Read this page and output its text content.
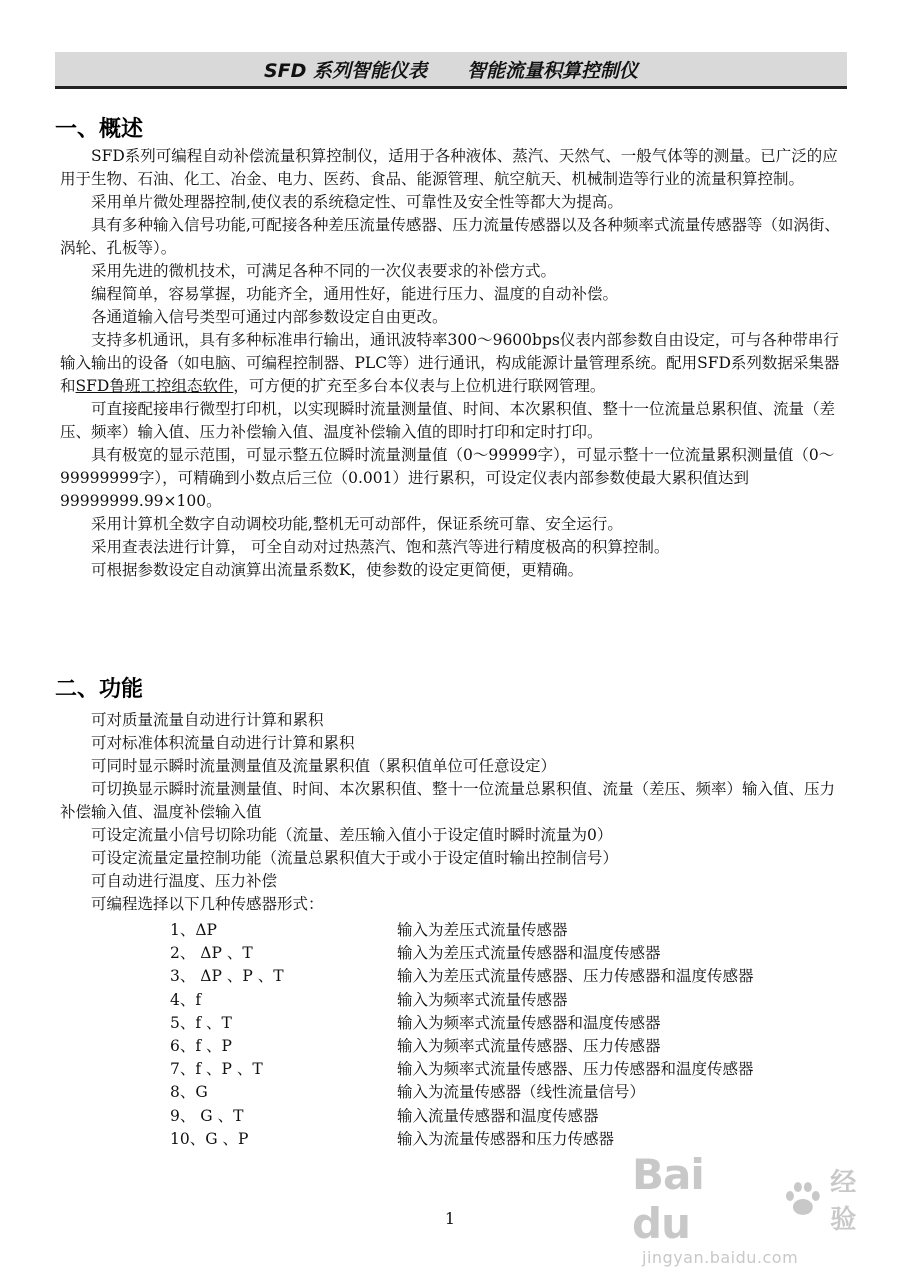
SFD 系列智能仪表 智能流量积算控制仪
一、概述

SFD系列可编程自动补偿流量积算控制仪，适用于各种液体、蒸汽、天然气、一般气体等的测量。已广泛的应用于生物、石油、化工、冶金、电力、医药、食品、能源管理、航空航天、机械制造等行业的流量积算控制。

采用单片微处理器控制,使仪表的系统稳定性、可靠性及安全性等都大为提高。

具有多种输入信号功能,可配接各种差压流量传感器、压力流量传感器以及各种频率式流量传感器等（如涡街、涡轮、孔板等）。

采用先进的微机技术，可满足各种不同的一次仪表要求的补偿方式。

编程简单，容易掌握，功能齐全，通用性好，能进行压力、温度的自动补偿。

各通道输入信号类型可通过内部参数设定自由更改。

支持多机通讯，具有多种标准串行输出，通讯波特率300～9600bps仪表内部参数自由设定，可与各种带串行输入输出的设备（如电脑、可编程控制器、PLC等）进行通讯，构成能源计量管理系统。配用SFD系列数据采集器和SFD鲁班工控组态软件，可方便的扩充至多台本仪表与上位机进行联网管理。

可直接配接串行微型打印机，以实现瞬时流量测量值、时间、本次累积值、整十一位流量总累积值、流量（差压、频率）输入值、压力补偿输入值、温度补偿输入值的即时打印和定时打印。

具有极宽的显示范围，可显示整五位瞬时流量测量值（0～99999字），可显示整十一位流量累积测量值（0～99999999字），可精确到小数点后三位（0.001）进行累积，可设定仪表内部参数使最大累积值达到99999999.99×100。

采用计算机全数字自动调校功能,整机无可动部件，保证系统可靠、安全运行。

采用查表法进行计算， 可全自动对过热蒸汽、饱和蒸汽等进行精度极高的积算控制。

可根据参数设定自动演算出流量系数K，使参数的设定更简便，更精确。

二、功能

可对质量流量自动进行计算和累积

可对标准体积流量自动进行计算和累积

可同时显示瞬时流量测量值及流量累积值（累积值单位可任意设定）

可切换显示瞬时流量测量值、时间、本次累积值、整十一位流量总累积值、流量（差压、频率）输入值、压力补偿输入值、温度补偿输入值

可设定流量小信号切除功能（流量、差压输入值小于设定值时瞬时流量为0）

可设定流量定量控制功能（流量总累积值大于或小于设定值时输出控制信号）

可自动进行温度、压力补偿

可编程选择以下几种传感器形式：

1、ΔP	输入为差压式流量传感器
2、 ΔP 、T	输入为差压式流量传感器和温度传感器
3、 ΔP 、P 、T	输入为差压式流量传感器、压力传感器和温度传感器
4、f	输入为频率式流量传感器
5、f 、T	输入为频率式流量传感器和温度传感器
6、f 、P	输入为频率式流量传感器、压力传感器
7、f 、P 、T	输入为频率式流量传感器、压力传感器和温度传感器
8、G	输入为流量传感器（线性流量信号）
9、 G 、T	输入流量传感器和温度传感器
10、G 、P	输入为流量传感器和压力传感器
1
Bai du
经验
jingyan.baidu.com
